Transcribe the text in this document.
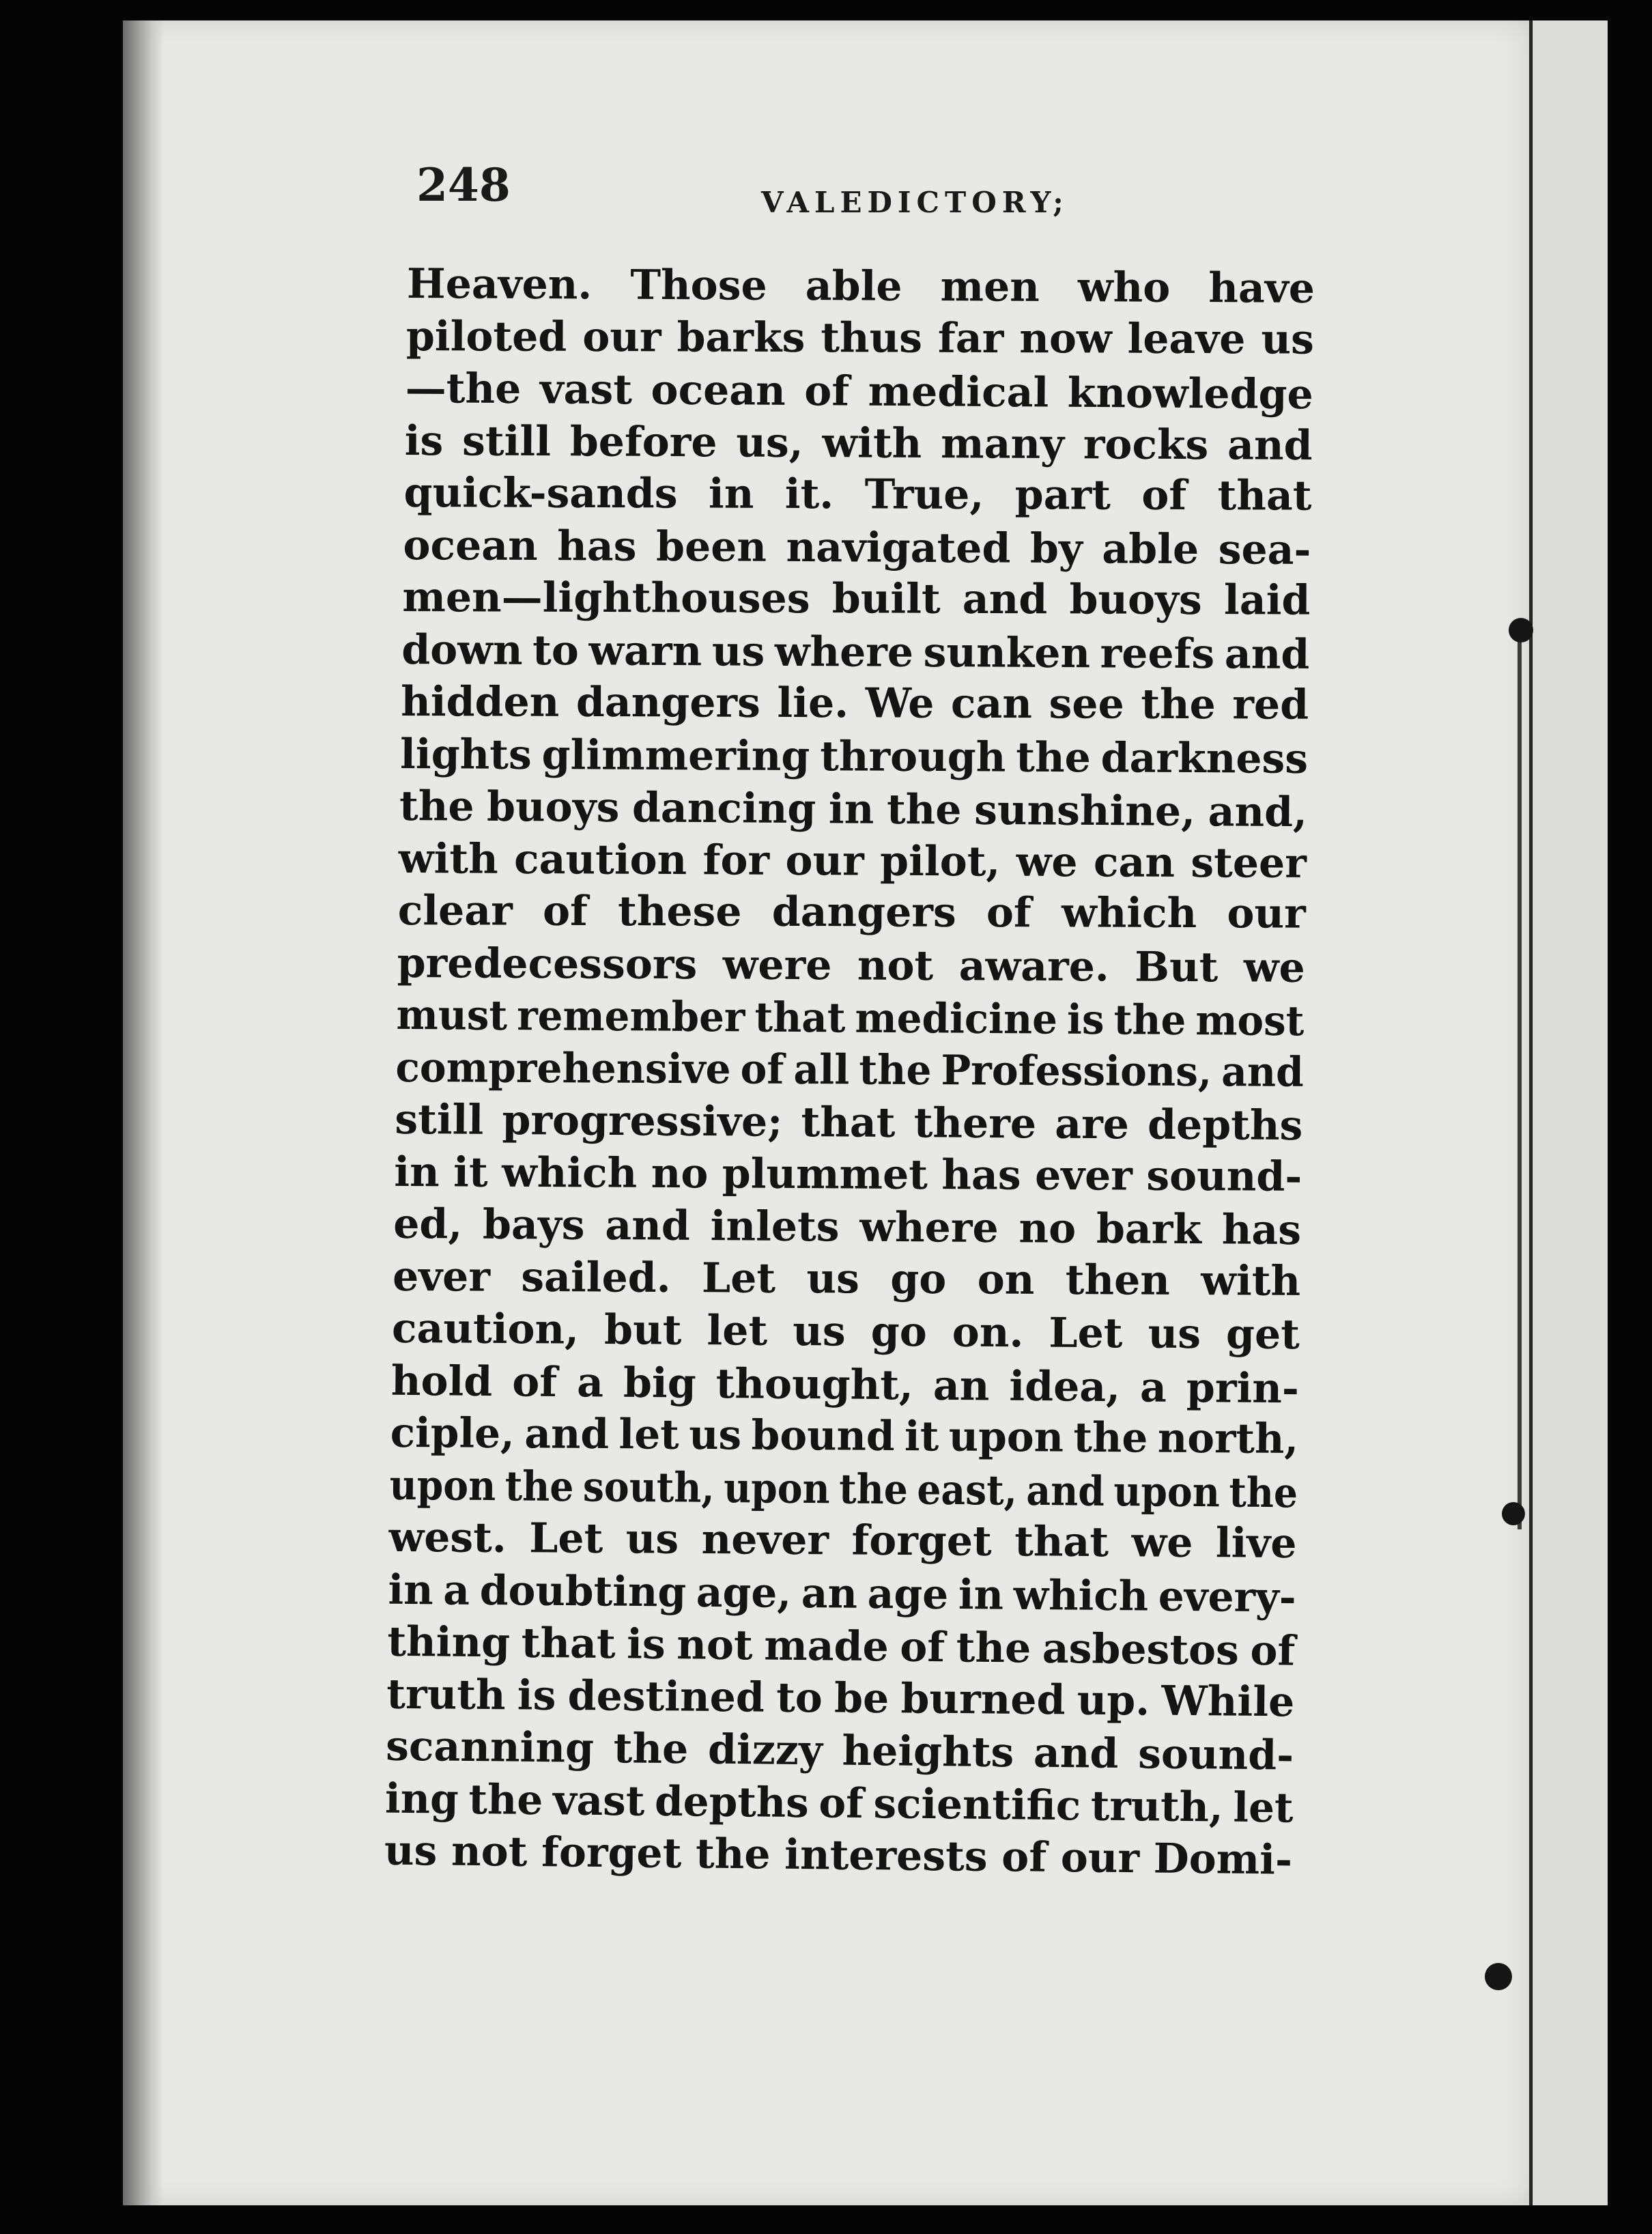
248	VALEDICTORY;
Heaven. Those able men who have
piloted our barks thus far now leave us
—the vast ocean of medical knowledge
is still before us, with many rocks and
quick-sands in it. True, part of that
ocean has been navigated by able sea-
men—lighthouses built and buoys laid
down to warn us where sunken reefs and
hidden dangers lie. We can see the red
lights glimmering through the darkness
the buoys dancing in the sunshine, and,
with caution for our pilot, we can steer
clear of these dangers of which our
predecessors were not aware. But we
must remember that medicine is the most
comprehensive of all the Professions, and
still progressive; that there are depths
in it which no plummet has ever sound-
ed, bays and inlets where no bark has
ever sailed. Let us go on then with
caution, but let us go on. Let us get
hold of a big thought, an idea, a prin-
ciple, and let us bound it upon the north,
upon the south, upon the east, and upon the
west. Let us never forget that we live
in a doubting age, an age in which every-
thing that is not made of the asbestos of
truth is destined to be burned up. While
scanning the dizzy heights and sound-
ing the vast depths of scientific truth, let
us not forget the interests of our Domi-
